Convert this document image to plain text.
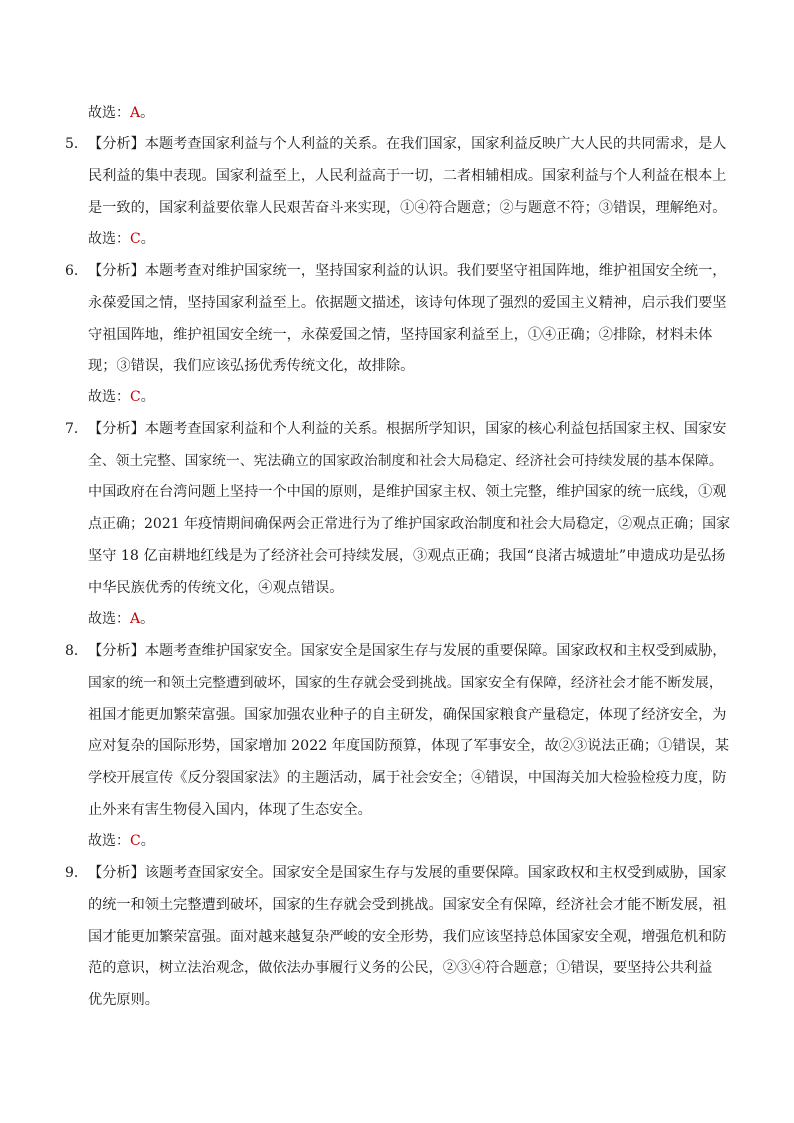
故选：A。
5． 【分析】本题考查国家利益与个人利益的关系。在我们国家，国家利益反映广大人民的共同需求，是人
民利益的集中表现。国家利益至上，人民利益高于一切，二者相辅相成。国家利益与个人利益在根本上
是一致的，国家利益要依靠人民艰苦奋斗来实现，①④符合题意；②与题意不符；③错误，理解绝对。
故选：C。
6． 【分析】本题考查对维护国家统一，坚持国家利益的认识。我们要坚守祖国阵地，维护祖国安全统一，
永葆爱国之情，坚持国家利益至上。依据题文描述，该诗句体现了强烈的爱国主义精神，启示我们要坚
守祖国阵地，维护祖国安全统一，永葆爱国之情，坚持国家利益至上，①④正确；②排除，材料未体
现；③错误，我们应该弘扬优秀传统文化，故排除。
故选：C。
7． 【分析】本题考查国家利益和个人利益的关系。根据所学知识，国家的核心利益包括国家主权、国家安
全、领土完整、国家统一、宪法确立的国家政治制度和社会大局稳定、经济社会可持续发展的基本保障。
中国政府在台湾问题上坚持一个中国的原则，是维护国家主权、领土完整，维护国家的统一底线，①观
点正确；2021 年疫情期间确保两会正常进行为了维护国家政治制度和社会大局稳定，②观点正确；国家
坚守 18 亿亩耕地红线是为了经济社会可持续发展，③观点正确；我国“良渚古城遗址”申遗成功是弘扬
中华民族优秀的传统文化，④观点错误。
故选：A。
8． 【分析】本题考查维护国家安全。国家安全是国家生存与发展的重要保障。国家政权和主权受到威胁，
国家的统一和领土完整遭到破坏，国家的生存就会受到挑战。国家安全有保障，经济社会才能不断发展，
祖国才能更加繁荣富强。国家加强农业种子的自主研发，确保国家粮食产量稳定，体现了经济安全，为
应对复杂的国际形势，国家增加 2022 年度国防预算，体现了军事安全，故②③说法正确；①错误，某
学校开展宣传《反分裂国家法》的主题活动，属于社会安全；④错误，中国海关加大检验检疫力度，防
止外来有害生物侵入国内，体现了生态安全。
故选：C。
9． 【分析】该题考查国家安全。国家安全是国家生存与发展的重要保障。国家政权和主权受到威胁，国家
的统一和领土完整遭到破坏，国家的生存就会受到挑战。国家安全有保障，经济社会才能不断发展，祖
国才能更加繁荣富强。面对越来越复杂严峻的安全形势，我们应该坚持总体国家安全观，增强危机和防
范的意识，树立法治观念，做依法办事履行义务的公民，②③④符合题意；①错误，要坚持公共利益
优先原则。
